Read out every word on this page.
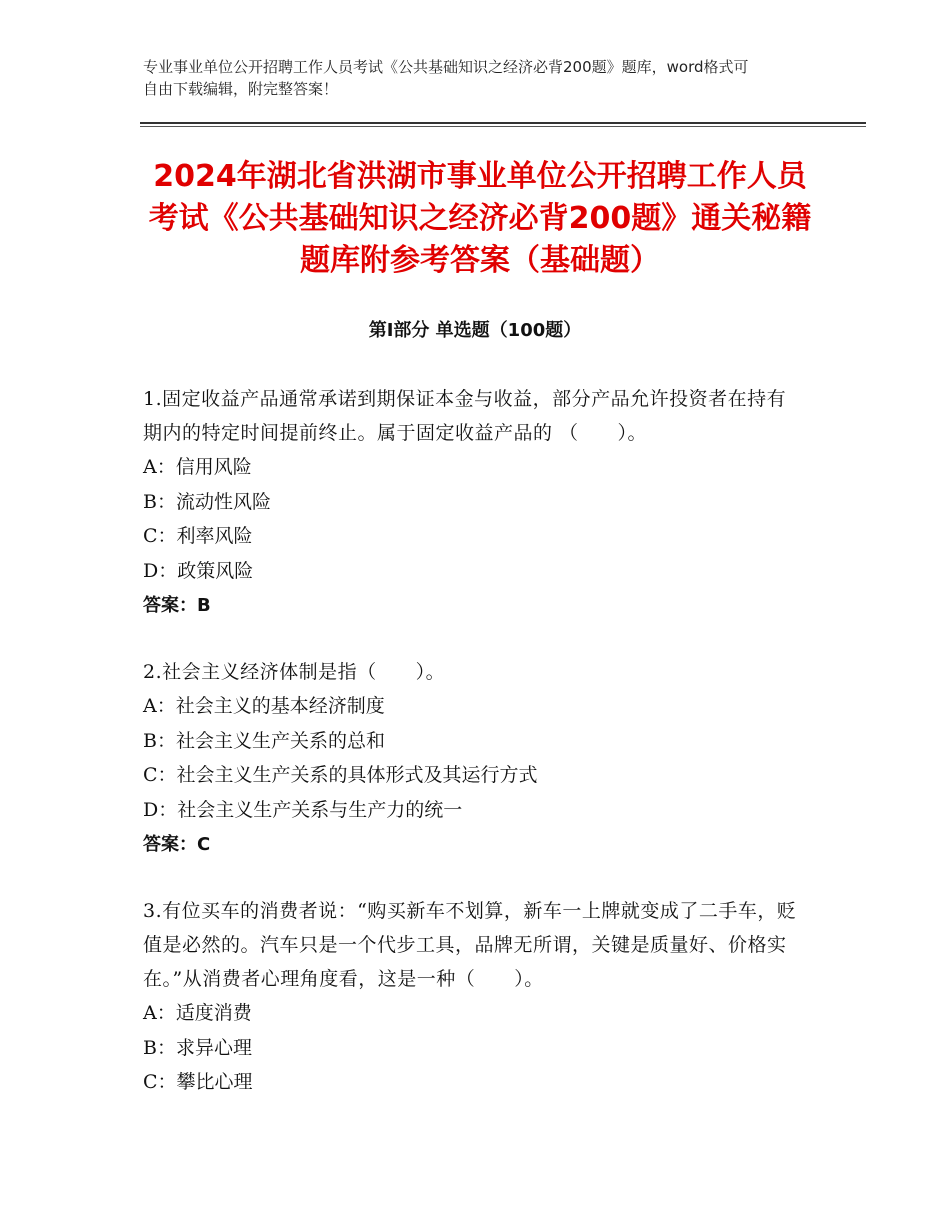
专业事业单位公开招聘工作人员考试《公共基础知识之经济必背200题》题库，word格式可自由下载编辑，附完整答案！
2024年湖北省洪湖市事业单位公开招聘工作人员考试《公共基础知识之经济必背200题》通关秘籍题库附参考答案（基础题）
第Ⅰ部分 单选题（100题）
1.固定收益产品通常承诺到期保证本金与收益，部分产品允许投资者在持有期内的特定时间提前终止。属于固定收益产品的 （　　）。
A：信用风险
B：流动性风险
C：利率风险
D：政策风险
答案：B
2.社会主义经济体制是指（　　）。
A：社会主义的基本经济制度
B：社会主义生产关系的总和
C：社会主义生产关系的具体形式及其运行方式
D：社会主义生产关系与生产力的统一
答案：C
3.有位买车的消费者说：“购买新车不划算，新车一上牌就变成了二手车，贬值是必然的。汽车只是一个代步工具，品牌无所谓，关键是质量好、价格实在。”从消费者心理角度看，这是一种（　　）。
A：适度消费
B：求异心理
C：攀比心理
